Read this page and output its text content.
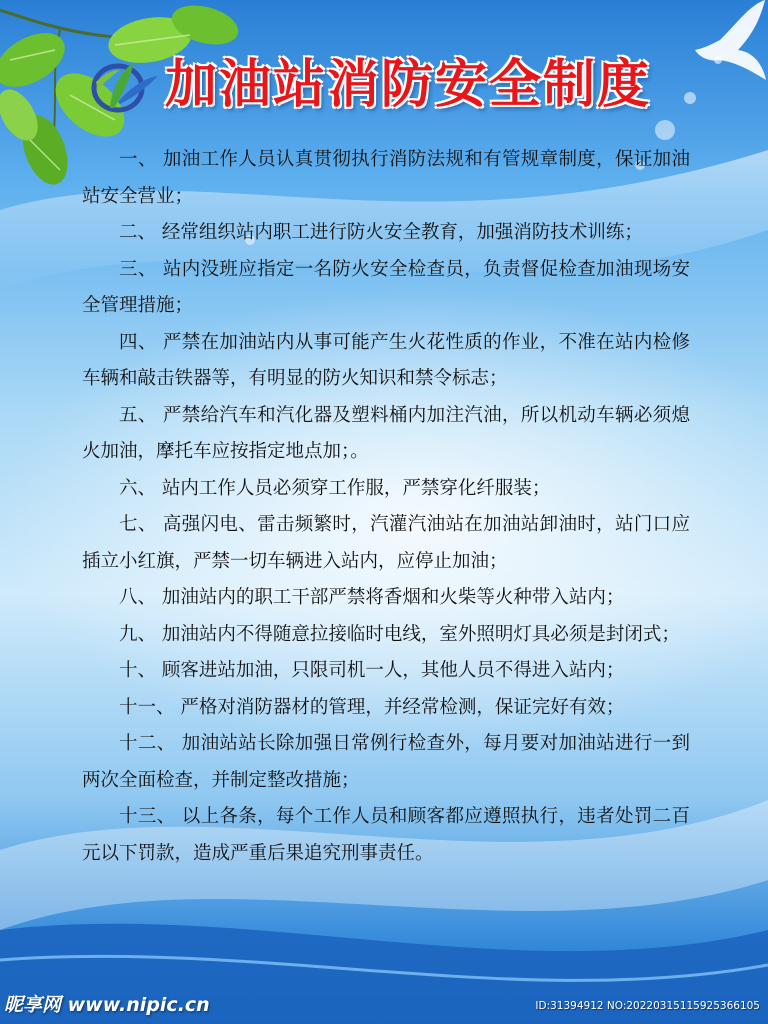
加油站消防安全制度

一、 加油工作人员认真贯彻执行消防法规和有管规章制度，保证加油站安全营业；

二、 经常组织站内职工进行防火安全教育，加强消防技术训练；

三、 站内没班应指定一名防火安全检查员，负责督促检查加油现场安全管理措施；

四、 严禁在加油站内从事可能产生火花性质的作业，不准在站内检修车辆和敲击铁器等，有明显的防火知识和禁令标志；

五、 严禁给汽车和汽化器及塑料桶内加注汽油，所以机动车辆必须熄火加油，摩托车应按指定地点加；。

六、 站内工作人员必须穿工作服，严禁穿化纤服装；

七、 高强闪电、雷击频繁时，汽灌汽油站在加油站卸油时，站门口应插立小红旗，严禁一切车辆进入站内，应停止加油；

八、 加油站内的职工干部严禁将香烟和火柴等火种带入站内；

九、 加油站内不得随意拉接临时电线，室外照明灯具必须是封闭式；

十、 顾客进站加油，只限司机一人，其他人员不得进入站内；

十一、 严格对消防器材的管理，并经常检测，保证完好有效；

十二、 加油站站长除加强日常例行检查外，每月要对加油站进行一到两次全面检查，并制定整改措施；

十三、 以上各条，每个工作人员和顾客都应遵照执行，违者处罚二百元以下罚款，造成严重后果追究刑事责任。

昵享网 www.nipic.cn	ID:31394912 NO:20220315115925366105
